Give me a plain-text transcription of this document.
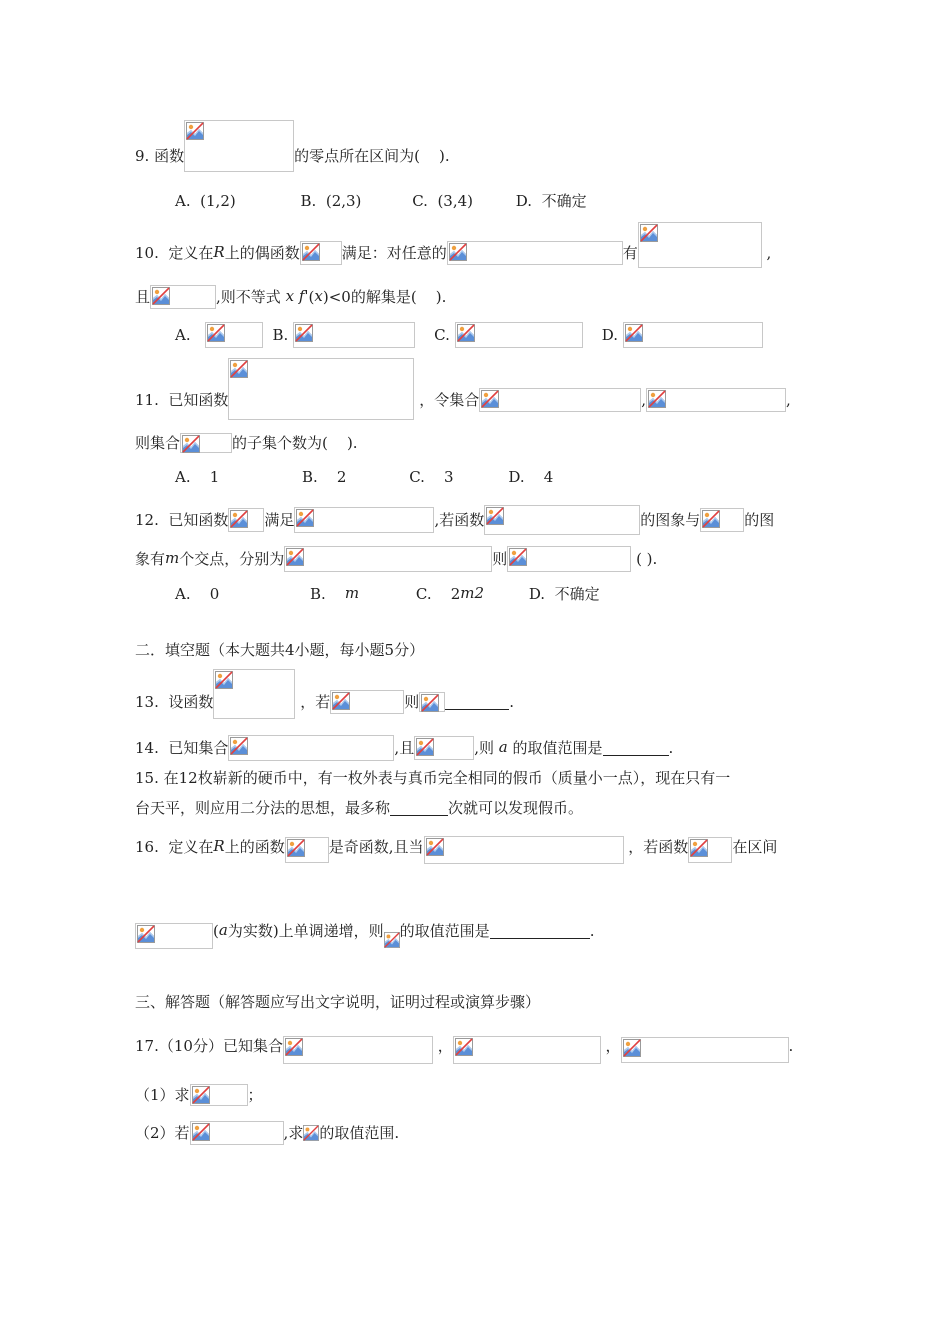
9. 函数	的零点所在区间为( ).
A. (1,2)	B. (2,3)	C. (3,4)	D. 不确定
10. 定义在R上的偶函数	满足：对任意的	有	,
且	,则不等式 x f'(x)<0的解集是( ).
A.	B.	C.	D.
11. 已知函数	，令集合	,	,
则集合	的子集个数为( ).
A. 1	B. 2	C. 3	D. 4
12. 已知函数 满足	,若函数	的图象与	的图
象有m个交点，分别为	则	( ).
A. 0	B. m	C. 2m2	D. 不确定
二．填空题（本大题共4小题，每小题5分）
13. 设函数	，若	则	.
14. 已知集合	,且	,则 a 的取值范围是	.
15. 在12枚崭新的硬币中，有一枚外表与真币完全相同的假币（质量小一点），现在只有一
台天平，则应用二分法的思想，最多称	次就可以发现假币。
16. 定义在R上的函数	是奇函数,且当	，若函数	在区间
(a为实数)上单调递增，则 的取值范围是	.
三、解答题（解答题应写出文字说明，证明过程或演算步骤）
17.（10分）已知集合	，	，	.
（1）求	；
（2）若	,求 的取值范围.
